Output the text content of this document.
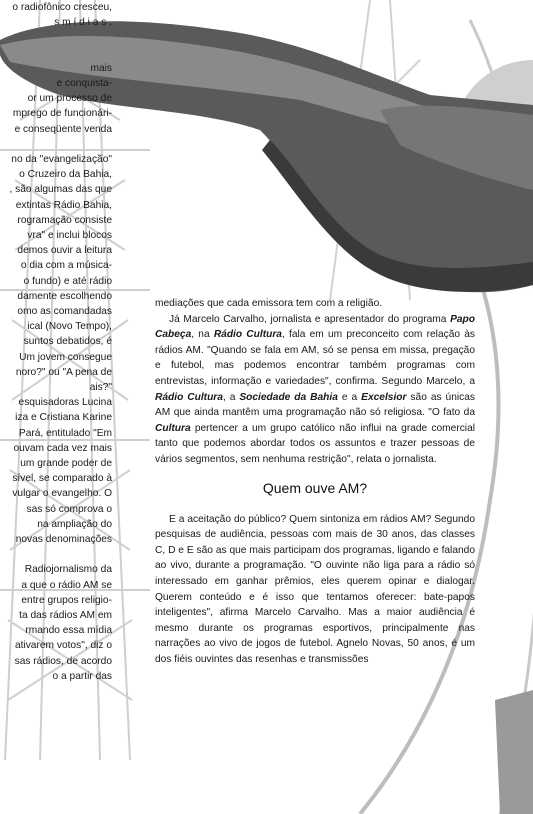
o radiofônico cresceu,

s m í d i a s ,

mais

e conquista-

or um processo de

mprego de funcionári-

e conseqüente venda

no da "evangelização"

o Cruzeiro da Bahia,

, são algumas das que

extintas Rádio Bahia,

rogramação consiste

vra" e inclui blocos

demos ouvir a leitura

o dia com a música-

o fundo) e até rádio

damente escolhendo

omo as comandadas

ical (Novo Tempo),

suntos debatidos, é

Um jovem consegue

noro?" ou "A pena de

ais?"

esquisadoras Lucina

iza e Cristiana Karine

Pará, entitulado "Em

ouvam cada vez mais

um grande poder de

sível, se comparado à

vulgar o evangelho. O

sas só comprova o

na ampliação do

novas denominações

Radiojornalismo da

a que o rádio AM se

entre grupos religio-

ta das rádios AM em

rmando essa mídia

ativarem votos", diz o

sas rádios, de acordo

o a partir das

mediações que cada emissora tem com a religião.

Já Marcelo Carvalho, jornalista e apresentador do programa Papo Cabeça, na Rádio Cultura, fala em um preconceito com relação às rádios AM. "Quando se fala em AM, só se pensa em missa, pregação e futebol, mas podemos encontrar também programas com entrevistas, informação e variedades", confirma. Segundo Marcelo, a Rádio Cultura, a Sociedade da Bahia e a Excelsior são as únicas AM que ainda mantêm uma programação não só religiosa. "O fato da Cultura pertencer a um grupo católico não influi na grade comercial tanto que podemos abordar todos os assuntos e trazer pessoas de vários segmentos, sem nenhuma restrição", relata o jornalista.

Quem ouve AM?

E a aceitação do público? Quem sintoniza em rádios AM? Segundo pesquisas de audiência, pessoas com mais de 30 anos, das classes C, D e E são as que mais participam dos programas, ligando e falando ao vivo, durante a programação. "O ouvinte não liga para a rádio só interessado em ganhar prêmios, eles querem opinar e dialogar. Querem conteúdo e é isso que tentamos oferecer: bate-papos inteligentes", afirma Marcelo Carvalho. Mas a maior audiência é mesmo durante os programas esportivos, principalmente nas narrações ao vivo de jogos de futebol. Agnelo Novas, 50 anos, é um dos fiéis ouvintes das resenhas e transmissões
